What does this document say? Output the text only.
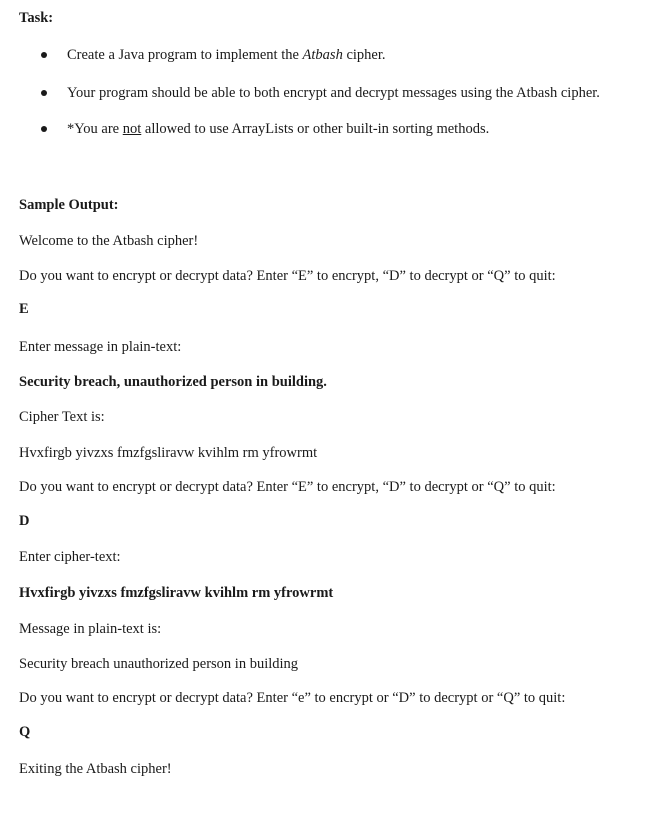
Task:
Create a Java program to implement the Atbash cipher.
Your program should be able to both encrypt and decrypt messages using the Atbash cipher.
*You are not allowed to use ArrayLists or other built-in sorting methods.
Sample Output:
Welcome to the Atbash cipher!
Do you want to encrypt or decrypt data? Enter “E” to encrypt, “D” to decrypt or “Q” to quit:
E
Enter message in plain-text:
Security breach, unauthorized person in building.
Cipher Text is:
Hvxfirgb yivzxs fmzfgsliravw kvihlm rm yfrowrmt
Do you want to encrypt or decrypt data? Enter “E” to encrypt, “D” to decrypt or “Q” to quit:
D
Enter cipher-text:
Hvxfirgb yivzxs fmzfgsliravw kvihlm rm yfrowrmt
Message in plain-text is:
Security breach unauthorized person in building
Do you want to encrypt or decrypt data? Enter “e” to encrypt or “D” to decrypt or “Q” to quit:
Q
Exiting the Atbash cipher!
